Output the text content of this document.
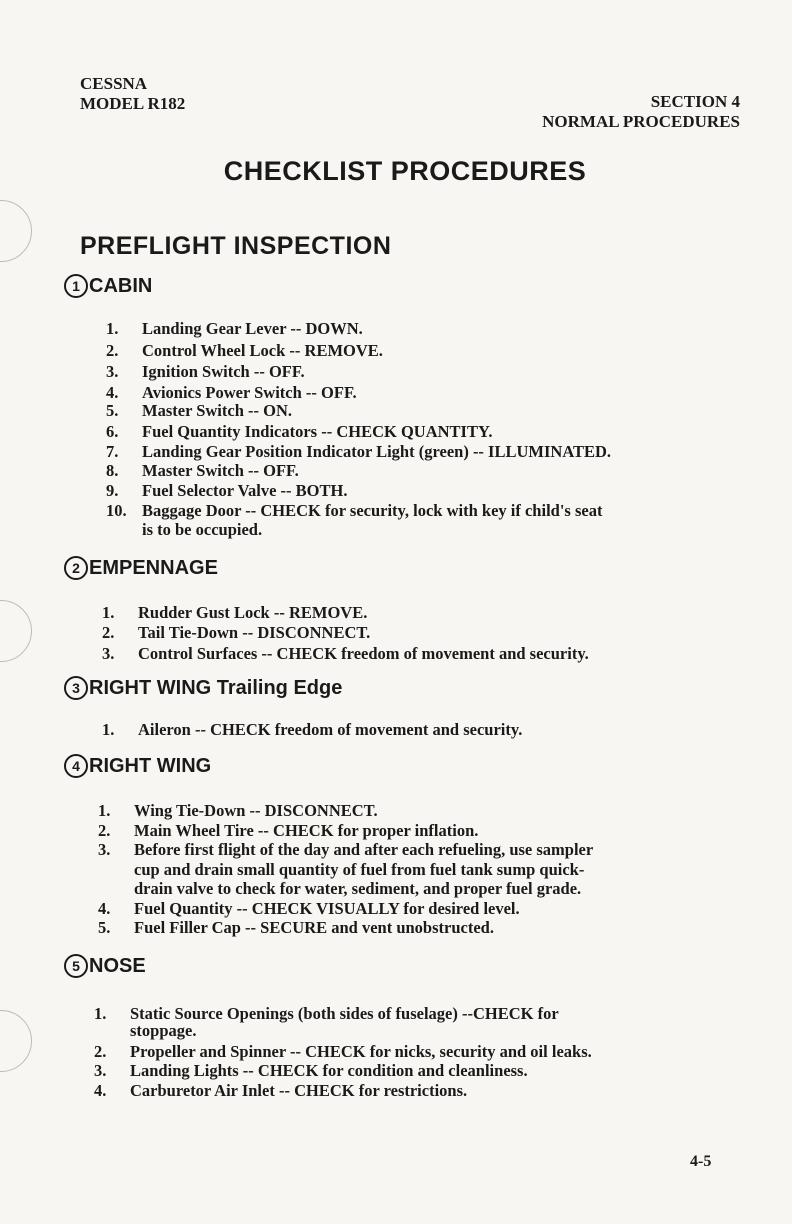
CESSNA
MODEL R182	SECTION 4
NORMAL PROCEDURES
CHECKLIST PROCEDURES
PREFLIGHT INSPECTION
1 CABIN
1. Landing Gear Lever -- DOWN.
2. Control Wheel Lock -- REMOVE.
3. Ignition Switch -- OFF.
4. Avionics Power Switch -- OFF.
5. Master Switch -- ON.
6. Fuel Quantity Indicators -- CHECK QUANTITY.
7. Landing Gear Position Indicator Light (green) -- ILLUMINATED.
8. Master Switch -- OFF.
9. Fuel Selector Valve -- BOTH.
10. Baggage Door -- CHECK for security, lock with key if child's seat
is to be occupied.
2 EMPENNAGE
1. Rudder Gust Lock -- REMOVE.
2. Tail Tie-Down -- DISCONNECT.
3. Control Surfaces -- CHECK freedom of movement and security.
3 RIGHT WING Trailing Edge
1. Aileron -- CHECK freedom of movement and security.
4 RIGHT WING
1. Wing Tie-Down -- DISCONNECT.
2. Main Wheel Tire -- CHECK for proper inflation.
3. Before first flight of the day and after each refueling, use sampler
cup and drain small quantity of fuel from fuel tank sump quick-
drain valve to check for water, sediment, and proper fuel grade.
4. Fuel Quantity -- CHECK VISUALLY for desired level.
5. Fuel Filler Cap -- SECURE and vent unobstructed.
5 NOSE
1. Static Source Openings (both sides of fuselage) --CHECK for
stoppage.
2. Propeller and Spinner -- CHECK for nicks, security and oil leaks.
3. Landing Lights -- CHECK for condition and cleanliness.
4. Carburetor Air Inlet -- CHECK for restrictions.
4-5
